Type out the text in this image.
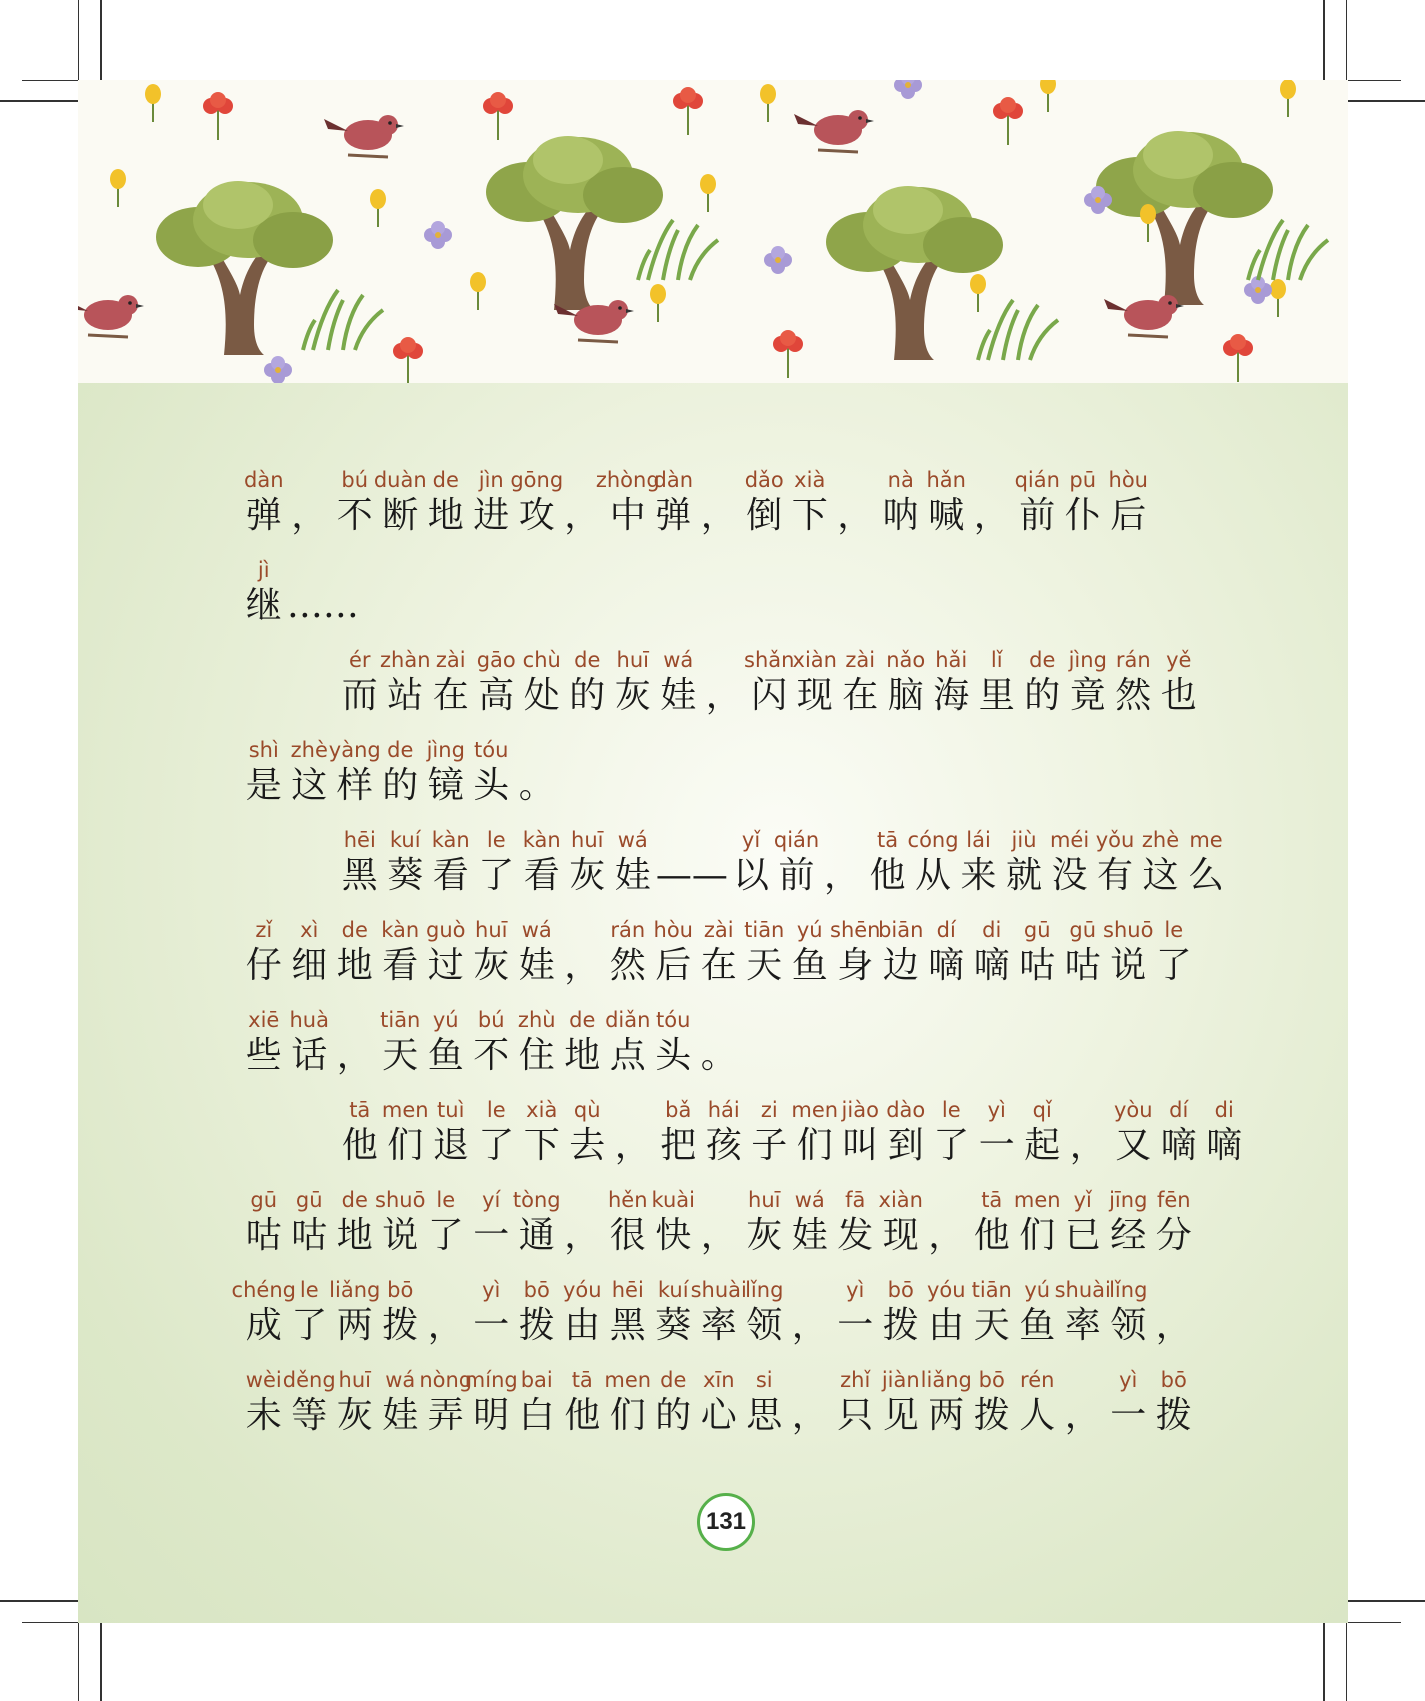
弹
dàn
， 不
bú
断
duàn
地
de
进
jìn
攻
gōng
， 中
zhòng
弹
dàn
， 倒
dǎo
下
xià
， 呐
nà
喊
hǎn
， 前
qián
仆
pū
后
hòu
继
jì
……
而
ér
站
zhàn
在
zài
高
gāo
处
chù
的
de
灰
huī
娃
wá
， 闪
shǎn
现
xiàn
在
zài
脑
nǎo
海
hǎi
里
lǐ
的
de
竟
jìng
然
rán
也
yě
是
shì
这
zhè
样
yàng
的
de
镜
jìng
头
tóu
。
黑
hēi
葵
kuí
看
kàn
了
le
看
kàn
灰
huī
娃
wá
—— 以
yǐ
前
qián
， 他
tā
从
cóng
来
lái
就
jiù
没
méi
有
yǒu
这
zhè
么
me
仔
zǐ
细
xì
地
de
看
kàn
过
guò
灰
huī
娃
wá
， 然
rán
后
hòu
在
zài
天
tiān
鱼
yú
身
shēn
边
biān
嘀
dí
嘀
di
咕
gū
咕
gū
说
shuō
了
le
些
xiē
话
huà
， 天
tiān
鱼
yú
不
bú
住
zhù
地
de
点
diǎn
头
tóu
。
他
tā
们
men
退
tuì
了
le
下
xià
去
qù
， 把
bǎ
孩
hái
子
zi
们
men
叫
jiào
到
dào
了
le
一
yì
起
qǐ
， 又
yòu
嘀
dí
嘀
di
咕
gū
咕
gū
地
de
说
shuō
了
le
一
yí
通
tòng
， 很
hěn
快
kuài
， 灰
huī
娃
wá
发
fā
现
xiàn
， 他
tā
们
men
已
yǐ
经
jīng
分
fēn
成
chéng
了
le
两
liǎng
拨
bō
， 一
yì
拨
bō
由
yóu
黑
hēi
葵
kuí
率
shuài
领
lǐng
， 一
yì
拨
bō
由
yóu
天
tiān
鱼
yú
率
shuài
领
lǐng
，
未
wèi
等
děng
灰
huī
娃
wá
弄
nòng
明
míng
白
bai
他
tā
们
men
的
de
心
xīn
思
si
， 只
zhǐ
见
jiàn
两
liǎng
拨
bō
人
rén
， 一
yì
拨
bō
131
